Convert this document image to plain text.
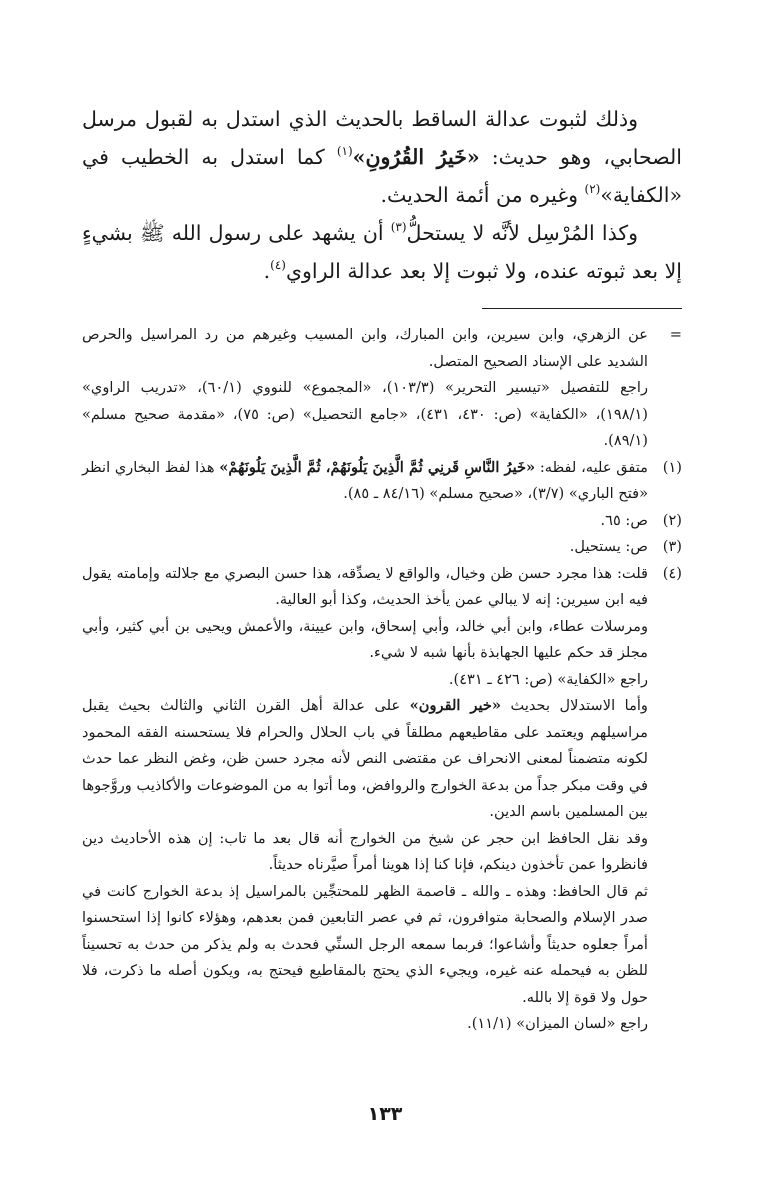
وذلك لثبوت عدالة الساقط بالحديث الذي استدل به لقبول مرسل الصحابي، وهو حديث: «خَيرُ القُرُونِ»$^{(١)}$ كما استدل به الخطيب في «الكفاية»$^{(٢)}$ وغيره من أئمة الحديث.

وكذا المُرْسِل لأنَّه لا يستحلُّ$^{(٣)}$ أن يشهد على رسول الله ﷺ بشيءٍ إلا بعد ثبوته عنده، ولا ثبوت إلا بعد عدالة الراوي$^{(٤)}$.

=

عن الزهري، وابن سيرين، وابن المبارك، وابن المسيب وغيرهم من رد المراسيل والحرص الشديد على الإسناد الصحيح المتصل.

راجع للتفصيل «تيسير التحرير» (١٠٣/٣)، «المجموع» للنووي (٦٠/١)، «تدريب الراوي» (١٩٨/١)، «الكفاية» (ص: ٤٣٠، ٤٣١)، «جامع التحصيل» (ص: ٧٥)، «مقدمة صحيح مسلم» (٨٩/١).

(١)

متفق عليه، لفظه: «خَيرُ النَّاسِ قَرنِي ثُمَّ الَّذِينَ يَلُونَهُمْ، ثُمَّ الَّذِينَ يَلُونَهُمْ» هذا لفظ البخاري انظر «فتح الباري» (٣/٧)، «صحيح مسلم» (٨٤/١٦ ـ ٨٥).

(٢)

ص: ٦٥.

(٣)

ص: يستحيل.

(٤)

قلت: هذا مجرد حسن ظن وخيال، والواقع لا يصدِّقه، هذا حسن البصري مع جلالته وإمامته يقول فيه ابن سيرين: إنه لا يبالي عمن يأخذ الحديث، وكذا أبو العالية.

ومرسلات عطاء، وابن أبي خالد، وأبي إسحاق، وابن عيينة، والأعمش ويحيى بن أبي كثير، وأبي مجلز قد حكم عليها الجهابذة بأنها شبه لا شيء.

راجع «الكفاية» (ص: ٤٢٦ ـ ٤٣١).

وأما الاستدلال بحديث «خير القرون» على عدالة أهل القرن الثاني والثالث بحيث يقبل مراسيلهم ويعتمد على مقاطيعهم مطلقاً في باب الحلال والحرام فلا يستحسنه الفقه المحمود لكونه متضمناً لمعنى الانحراف عن مقتضى النص لأنه مجرد حسن ظن، وغض النظر عما حدث في وقت مبكر جداً من بدعة الخوارج والروافض، وما أتوا به من الموضوعات والأكاذيب وروَّجوها بين المسلمين باسم الدين.

وقد نقل الحافظ ابن حجر عن شيخ من الخوارج أنه قال بعد ما تاب: إن هذه الأحاديث دين فانظروا عمن تأخذون دينكم، فإنا كنا إذا هوينا أمراً صيَّرناه حديثاً.

ثم قال الحافظ: وهذه ـ والله ـ قاصمة الظهر للمحتجِّين بالمراسيل إذ بدعة الخوارج كانت في صدر الإسلام والصحابة متوافرون، ثم في عصر التابعين فمن بعدهم، وهؤلاء كانوا إذا استحسنوا أمراً جعلوه حديثاً وأشاعوا؛ فربما سمعه الرجل السنِّي فحدث به ولم يذكر من حدث به تحسيناً للظن به فيحمله عنه غيره، ويجيء الذي يحتج بالمقاطيع فيحتج به، ويكون أصله ما ذكرت، فلا حول ولا قوة إلا بالله.

راجع «لسان الميزان» (١١/١).

١٣٣
